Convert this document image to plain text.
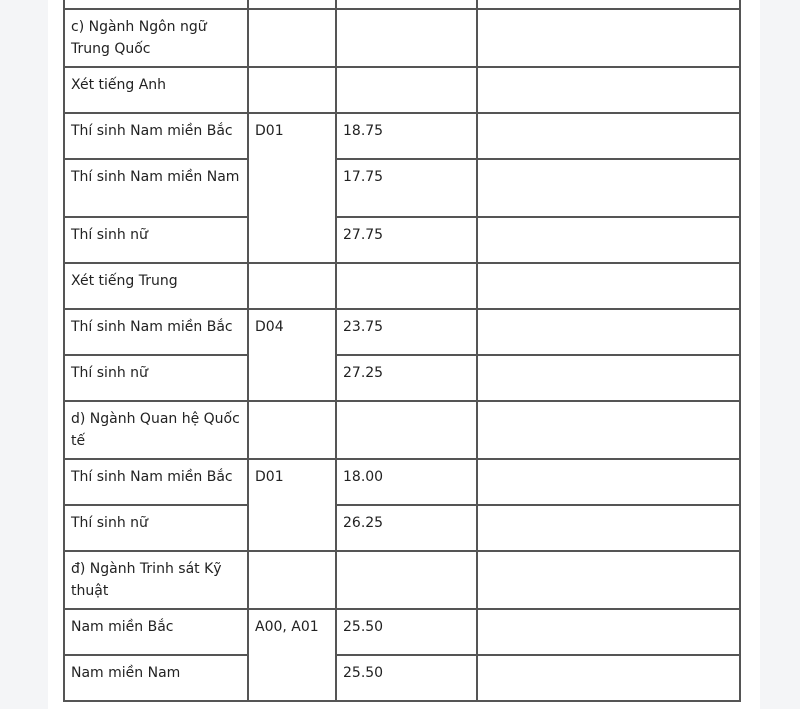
c) Ngành Ngôn ngữ Trung Quốc			
Xét tiếng Anh			
Thí sinh Nam miền Bắc	D01	18.75	
Thí sinh Nam miền Nam		17.75	
Thí sinh nữ		27.75	
Xét tiếng Trung			
Thí sinh Nam miền Bắc	D04	23.75	
Thí sinh nữ		27.25	
d) Ngành Quan hệ Quốc tế			
Thí sinh Nam miền Bắc	D01	18.00	
Thí sinh nữ		26.25	
đ) Ngành Trinh sát Kỹ thuật			
Nam miền Bắc	A00, A01	25.50	
Nam miền Nam		25.50	
